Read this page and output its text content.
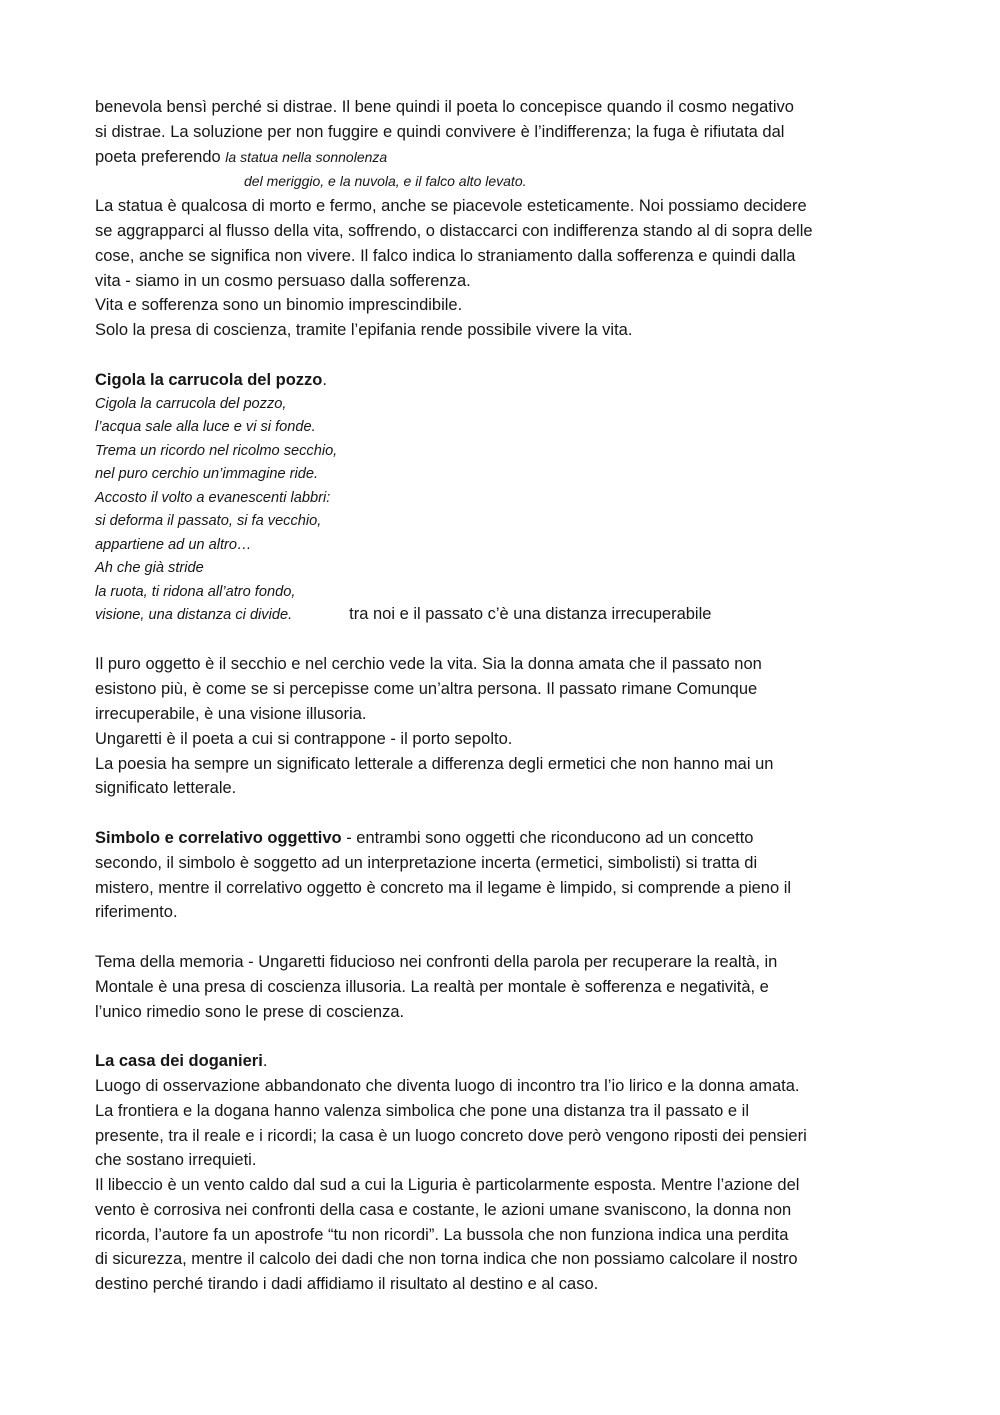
benevola bensì perché si distrae. Il bene quindi il poeta lo concepisce quando il cosmo negativo

si distrae. La soluzione per non fuggire e quindi convivere è l’indifferenza; la fuga è rifiutata dal

poeta preferendo la statua nella sonnolenza

del meriggio, e la nuvola, e il falco alto levato.

La statua è qualcosa di morto e fermo, anche se piacevole esteticamente. Noi possiamo decidere

se aggrapparci al flusso della vita, soffrendo, o distaccarci con indifferenza stando al di sopra delle

cose, anche se significa non vivere. Il falco indica lo straniamento dalla sofferenza e quindi dalla

vita - siamo in un cosmo persuaso dalla sofferenza.

Vita e sofferenza sono un binomio imprescindibile.

Solo la presa di coscienza, tramite l’epifania rende possibile vivere la vita.

Cigola la carrucola del pozzo.

Cigola la carrucola del pozzo,
l’acqua sale alla luce e vi si fonde.
Trema un ricordo nel ricolmo secchio,
nel puro cerchio un’immagine ride.
Accosto il volto a evanescenti labbri:
si deforma il passato, si fa vecchio,
appartiene ad un altro…
Ah che già stride
la ruota, ti ridona all’atro fondo,
visione, una distanza ci divide.	tra noi e il passato c’è una distanza irrecuperabile

Il puro oggetto è il secchio e nel cerchio vede la vita. Sia la donna amata che il passato non

esistono più, è come se si percepisse come un’altra persona. Il passato rimane Comunque

irrecuperabile, è una visione illusoria.

Ungaretti è il poeta a cui si contrappone - il porto sepolto.

La poesia ha sempre un significato letterale a differenza degli ermetici che non hanno mai un

significato letterale.

Simbolo e correlativo oggettivo - entrambi sono oggetti che riconducono ad un concetto

secondo, il simbolo è soggetto ad un interpretazione incerta (ermetici, simbolisti) si tratta di

mistero, mentre il correlativo oggetto è concreto ma il legame è limpido, si comprende a pieno il

riferimento.

Tema della memoria - Ungaretti fiducioso nei confronti della parola per recuperare la realtà, in

Montale è una presa di coscienza illusoria. La realtà per montale è sofferenza e negatività, e

l’unico rimedio sono le prese di coscienza.

La casa dei doganieri.

Luogo di osservazione abbandonato che diventa luogo di incontro tra l’io lirico e la donna amata.

La frontiera e la dogana hanno valenza simbolica che pone una distanza tra il passato e il

presente, tra il reale e i ricordi; la casa è un luogo concreto dove però vengono riposti dei pensieri

che sostano irrequieti.

Il libeccio è un vento caldo dal sud a cui la Liguria è particolarmente esposta. Mentre l’azione del

vento è corrosiva nei confronti della casa e costante, le azioni umane svaniscono, la donna non

ricorda, l’autore fa un apostrofe “tu non ricordi”. La bussola che non funziona indica una perdita

di sicurezza, mentre il calcolo dei dadi che non torna indica che non possiamo calcolare il nostro

destino perché tirando i dadi affidiamo il risultato al destino e al caso.
